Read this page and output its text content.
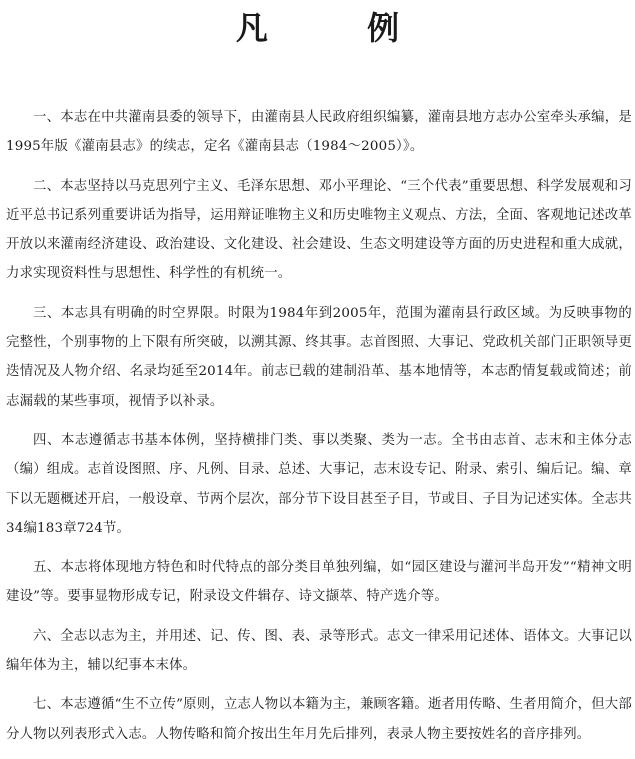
凡 例

一、本志在中共灌南县委的领导下，由灌南县人民政府组织编纂，灌南县地方志办公室牵头承编，是1995年版《灌南县志》的续志，定名《灌南县志（1984〜2005）》。

二、本志坚持以马克思列宁主义、毛泽东思想、邓小平理论、“三个代表”重要思想、科学发展观和习近平总书记系列重要讲话为指导，运用辩证唯物主义和历史唯物主义观点、方法，全面、客观地记述改革开放以来灌南经济建设、政治建设、文化建设、社会建设、生态文明建设等方面的历史进程和重大成就，力求实现资料性与思想性、科学性的有机统一。

三、本志具有明确的时空界限。时限为1984年到2005年，范围为灌南县行政区域。为反映事物的完整性，个别事物的上下限有所突破，以溯其源、终其事。志首图照、大事记、党政机关部门正职领导更迭情况及人物介绍、名录均延至2014年。前志已载的建制沿革、基本地情等，本志酌情复载或简述；前志漏载的某些事项，视情予以补录。

四、本志遵循志书基本体例，坚持横排门类、事以类聚、类为一志。全书由志首、志末和主体分志（编）组成。志首设图照、序、凡例、目录、总述、大事记，志末设专记、附录、索引、编后记。编、章下以无题概述开启，一般设章、节两个层次，部分节下设目甚至子目，节或目、子目为记述实体。全志共34编183章724节。

五、本志将体现地方特色和时代特点的部分类目单独列编，如“园区建设与灌河半岛开发”“精神文明建设”等。要事显物形成专记，附录设文件辑存、诗文撷萃、特产选介等。

六、全志以志为主，并用述、记、传、图、表、录等形式。志文一律采用记述体、语体文。大事记以编年体为主，辅以纪事本末体。

七、本志遵循“生不立传”原则，立志人物以本籍为主，兼顾客籍。逝者用传略、生者用简介，但大部分人物以列表形式入志。人物传略和简介按出生年月先后排列，表录人物主要按姓名的音序排列。
